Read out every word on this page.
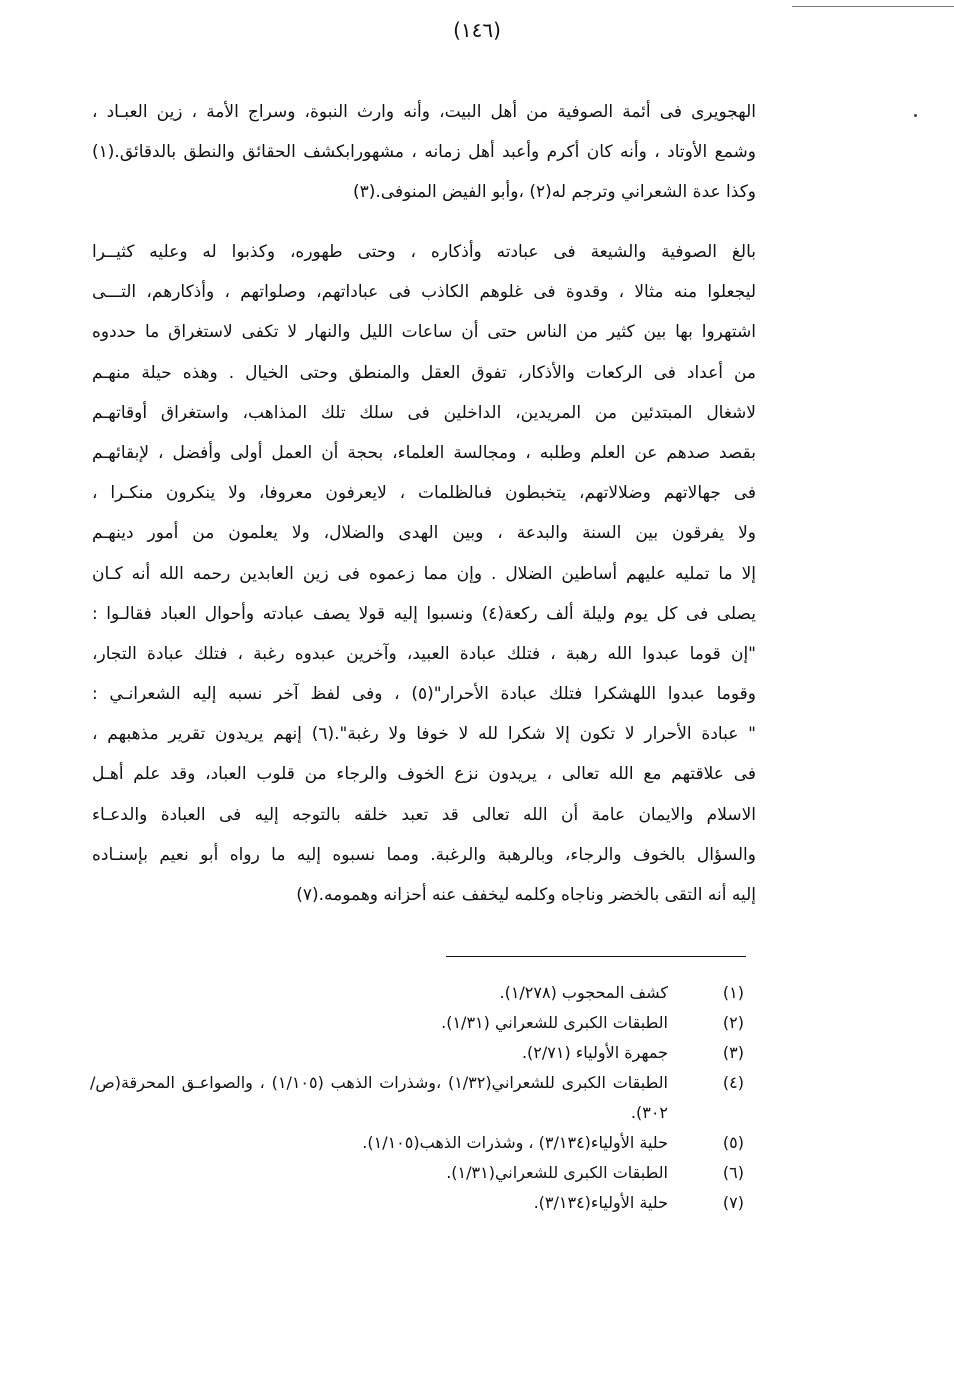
(١٤٦)
الهجويرى فى أئمة الصوفية من أهل البيت، وأنه وارث النبوة، وسراج الأمة ، زين العبـاد ،
وشمع الأوتاد ، وأنه كان أكرم وأعبد أهل زمانه ، مشهورابكشف الحقائق والنطق بالدقائق.(١)
وكذا عدة الشعراني وترجم له(٢) ،وأبو الفيض المنوفى.(٣)
بالغ الصوفية والشيعة فى عبادته وأذكاره ، وحتى طهوره، وكذبوا له وعليه كثيــرا
ليجعلوا منه مثالا ، وقدوة فى غلوهم الكاذب فى عباداتهم، وصلواتهم ، وأذكارهم، التـــى
اشتهروا بها بين كثير من الناس حتى أن ساعات الليل والنهار لا تكفى لاستغراق ما حددوه
من أعداد فى الركعات والأذكار، تفوق العقل والمنطق وحتى الخيال . وهذه حيلة منهـم
لاشغال المبتدئين من المريدين، الداخلين فى سلك تلك المذاهب، واستغراق أوقاتهـم
بقصد صدهم عن العلم وطلبه ، ومجالسة العلماء، بحجة أن العمل أولى وأفضل ، لإبقائهـم
فى جهالاتهم وضلالاتهم، يتخبطون فىالظلمات ، لايعرفون معروفا، ولا ينكرون منكـرا ،
ولا يفرقون بين السنة والبدعة ، وبين الهدى والضلال، ولا يعلمون من أمور دينهـم
إلا ما تمليه عليهم أساطين الضلال . وإن مما زعموه فى زين العابدين رحمه الله أنه كـان
يصلى فى كل يوم وليلة ألف ركعة(٤) ونسبوا إليه قولا يصف عبادته وأحوال العباد فقالـوا :
"إن قوما عبدوا الله رهبة ، فتلك عبادة العبيد، وآخرين عبدوه رغبة ، فتلك عبادة التجار،
وقوما عبدوا اللهشكرا فتلك عبادة الأحرار"(٥) ، وفى لفظ آخر نسبه إليه الشعرانـي :
" عبادة الأحرار لا تكون إلا شكرا لله لا خوفا ولا رغبة".(٦) إنهم يريدون تقرير مذهبهم ،
فى علاقتهم مع الله تعالى ، يريدون نزع الخوف والرجاء من قلوب العباد، وقد علم أهـل
الاسلام والايمان عامة أن الله تعالى قد تعبد خلقه بالتوجه إليه فى العبادة والدعـاء
والسؤال بالخوف والرجاء، وبالرهبة والرغبة. ومما نسبوه إليه ما رواه أبو نعيم بإسنـاده
إليه أنه التقى بالخضر وناجاه وكلمه ليخفف عنه أحزانه وهمومه.(٧)
(١)
كشف المحجوب (١/٢٧٨).
(٢)
الطبقات الكبرى للشعراني (١/٣١).
(٣)
جمهرة الأولياء (٢/٧١).
(٤)
الطبقات الكبرى للشعراني(١/٣٢) ،وشذرات الذهب (١/١٠٥) ، والصواعـق المحرقة(ص/٣٠٢).
(٥)
حلية الأولياء(٣/١٣٤) ، وشذرات الذهب(١/١٠٥).
(٦)
الطبقات الكبرى للشعراني(١/٣١).
(٧)
حلية الأولياء(٣/١٣٤).
